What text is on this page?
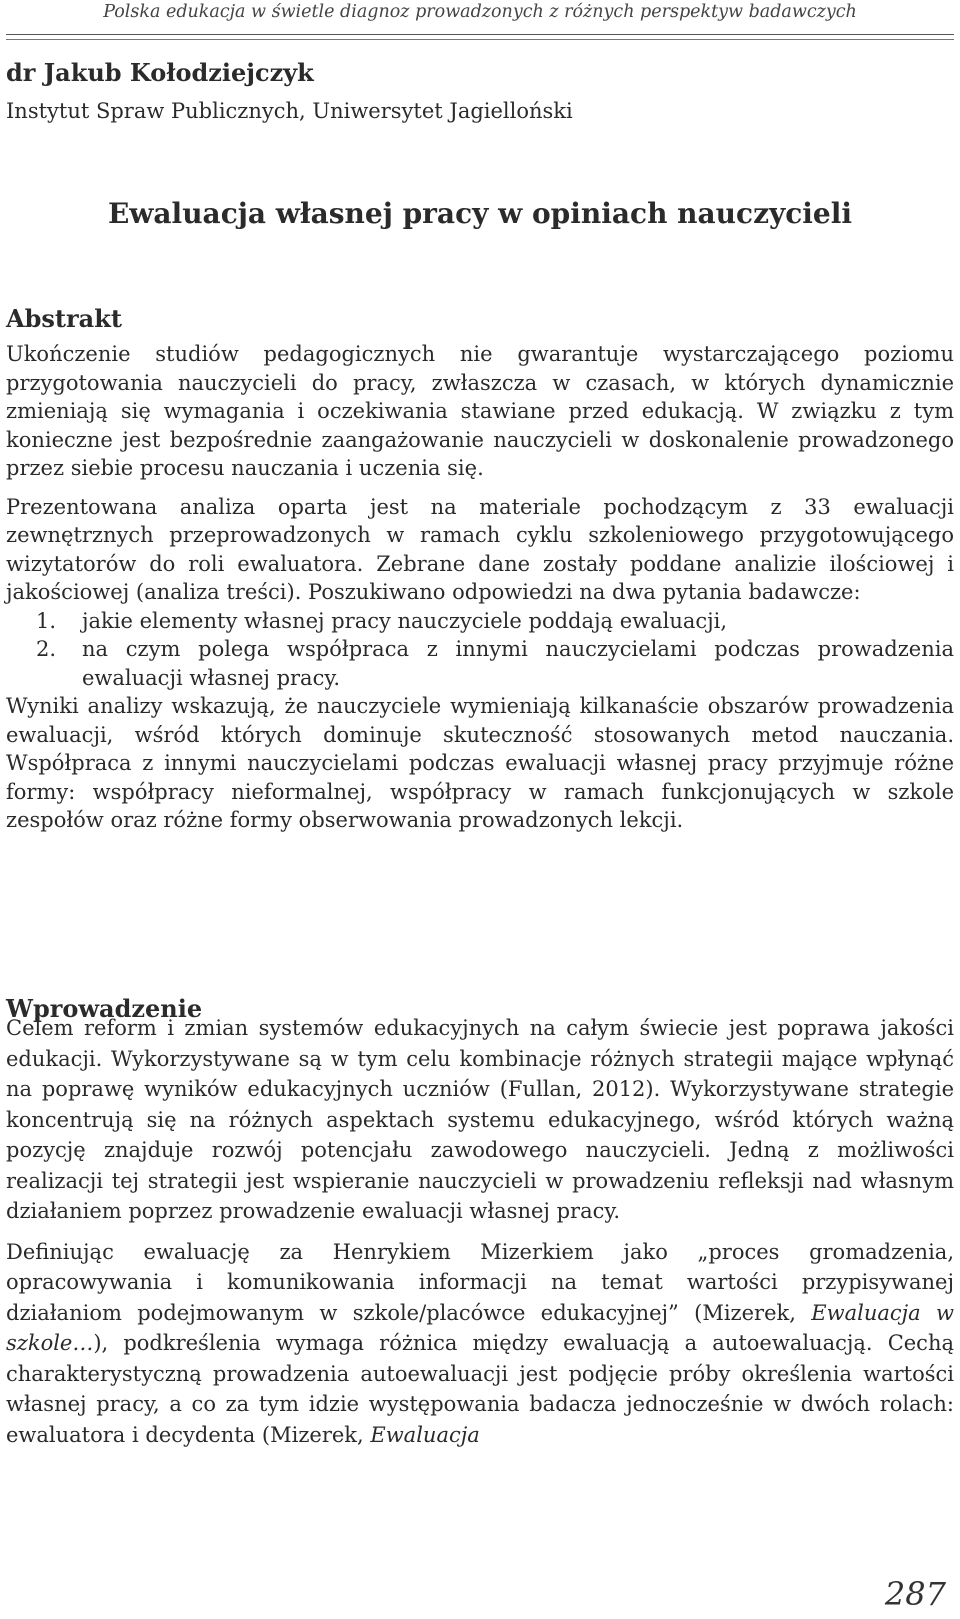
Polska edukacja w świetle diagnoz prowadzonych z różnych perspektyw badawczych
dr Jakub Kołodziejczyk
Instytut Spraw Publicznych, Uniwersytet Jagielloński
Ewaluacja własnej pracy w opiniach nauczycieli
Abstrakt

Ukończenie studiów pedagogicznych nie gwarantuje wystarczającego poziomu przygotowania nauczycieli do pracy, zwłaszcza w czasach, w których dynamicznie zmieniają się wymagania i oczekiwania stawiane przed edukacją. W związku z tym konieczne jest bezpośrednie zaangażowanie nauczycieli w doskonalenie prowadzonego przez siebie procesu nauczania i uczenia się.

Prezentowana analiza oparta jest na materiale pochodzącym z 33 ewaluacji zewnętrznych przeprowadzonych w ramach cyklu szkoleniowego przygotowującego wizytatorów do roli ewaluatora. Zebrane dane zostały poddane analizie ilościowej i jakościowej (analiza treści). Poszukiwano odpowiedzi na dwa pytania badawcze:

1. jakie elementy własnej pracy nauczyciele poddają ewaluacji,
2. na czym polega współpraca z innymi nauczycielami podczas prowadzenia ewaluacji własnej pracy.

Wyniki analizy wskazują, że nauczyciele wymieniają kilkanaście obszarów prowadzenia ewaluacji, wśród których dominuje skuteczność stosowanych metod nauczania. Współpraca z innymi nauczycielami podczas ewaluacji własnej pracy przyjmuje różne formy: współpracy nieformalnej, współpracy w ramach funkcjonujących w szkole zespołów oraz różne formy obserwowania prowadzonych lekcji.

Wprowadzenie

Celem reform i zmian systemów edukacyjnych na całym świecie jest poprawa jakości edukacji. Wykorzystywane są w tym celu kombinacje różnych strategii mające wpłynąć na poprawę wyników edukacyjnych uczniów (Fullan, 2012). Wykorzystywane strategie koncentrują się na różnych aspektach systemu edukacyjnego, wśród których ważną pozycję znajduje rozwój potencjału zawodowego nauczycieli. Jedną z możliwości realizacji tej strategii jest wspieranie nauczycieli w prowadzeniu refleksji nad własnym działaniem poprzez prowadzenie ewaluacji własnej pracy.

Definiując ewaluację za Henrykiem Mizerkiem jako „proces gromadzenia, opracowywania i komunikowania informacji na temat wartości przypisywanej działaniom podejmowanym w szkole/placówce edukacyjnej” (Mizerek, Ewaluacja w szkole…), podkreślenia wymaga różnica między ewaluacją a autoewaluacją. Cechą charakterystyczną prowadzenia autoewaluacji jest podjęcie próby określenia wartości własnej pracy, a co za tym idzie występowania badacza jednocześnie w dwóch rolach: ewaluatora i decydenta (Mizerek, Ewaluacja

287
